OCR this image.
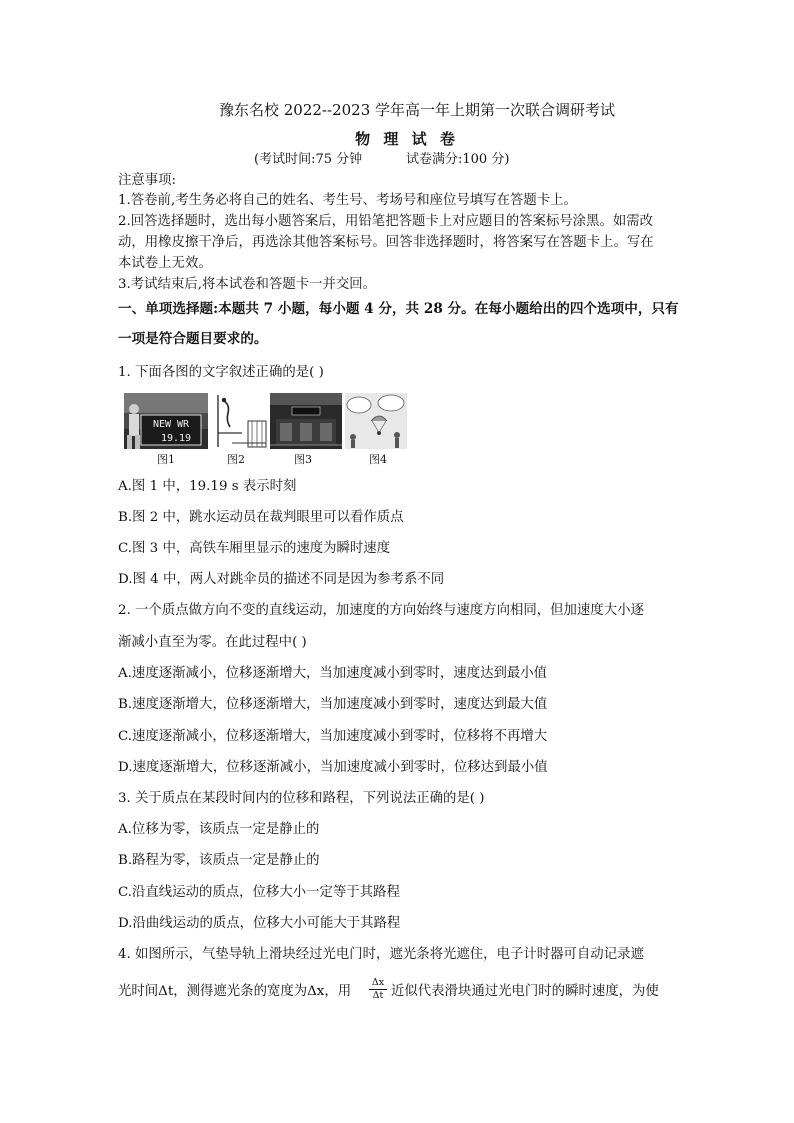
豫东名校 2022--2023 学年高一年上期第一次联合调研考试
物 理 试 卷
(考试时间:75 分钟	试卷满分:100 分)
注意事项:
1.答卷前,考生务必将自己的姓名、考生号、考场号和座位号填写在答题卡上。
2.回答选择题时，选出每小题答案后，用铅笔把答题卡上对应题目的答案标号涂黑。如需改
动，用橡皮擦干净后，再选涂其他答案标号。回答非选择题时，将答案写在答题卡上。写在
本试卷上无效。
3.考试结束后,将本试卷和答题卡一并交回。
一、单项选择题:本题共 7 小题，每小题 4 分，共 28 分。在每小题给出的四个选项中，只有
一项是符合题目要求的。
1. 下面各图的文字叙述正确的是( )
NEW WR
19.19
图1	图2	图3	图4
A.图 1 中，19.19 s 表示时刻
B.图 2 中，跳水运动员在裁判眼里可以看作质点
C.图 3 中，高铁车厢里显示的速度为瞬时速度
D.图 4 中，两人对跳伞员的描述不同是因为参考系不同
2. 一个质点做方向不变的直线运动，加速度的方向始终与速度方向相同，但加速度大小逐
渐减小直至为零。在此过程中( )
A.速度逐渐减小，位移逐渐增大，当加速度减小到零时，速度达到最小值
B.速度逐渐增大，位移逐渐增大，当加速度减小到零时，速度达到最大值
C.速度逐渐减小，位移逐渐增大，当加速度减小到零时，位移将不再增大
D.速度逐渐增大，位移逐渐减小，当加速度减小到零时，位移达到最小值
3. 关于质点在某段时间内的位移和路程，下列说法正确的是( )
A.位移为零，该质点一定是静止的
B.路程为零，该质点一定是静止的
C.沿直线运动的质点，位移大小一定等于其路程
D.沿曲线运动的质点，位移大小可能大于其路程
4. 如图所示，气垫导轨上滑块经过光电门时，遮光条将光遮住，电子计时器可自动记录遮
光时间Δt，测得遮光条的宽度为Δx，用
Δx
Δt 近似代表滑块通过光电门时的瞬时速度，为使
